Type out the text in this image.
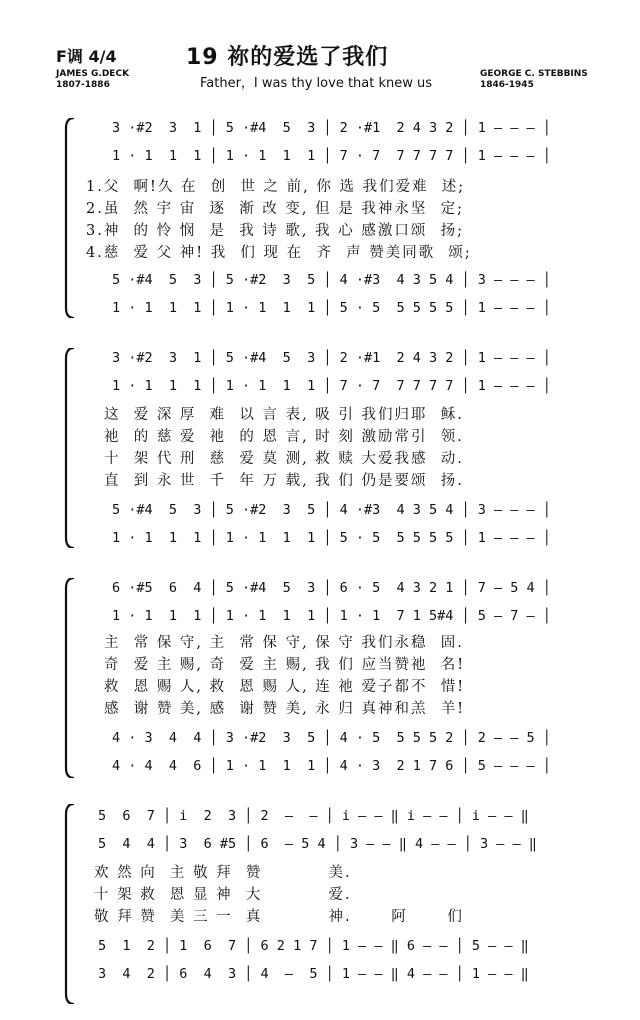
F调 4/4
JAMES G.DECK
1807-1886
19 祢的爱选了我们
Father，I was thy love that knew us
GEORGE C. STEBBINS
1846-1945
3 ·#2  3  1 │ 5 ·#4  5  3 │ 2 ·#1  2 4 3 2 │ 1 — — — │
1 · 1  1  1 │ 1 · 1  1  1 │ 7 · 7  7 7 7 7 │ 1 — — — │
1.父  啊!久 在  创  世 之 前, 你 选 我们爱难  述;
2.虽  然 宇 宙  逐  渐 改 变, 但 是 我神永坚  定;
3.神  的 怜 悯  是  我 诗 歌, 我 心 感激口颂  扬;
4.慈  爱 父 神! 我  们 现 在  齐  声 赞美同歌  颂;
5 ·#4  5  3 │ 5 ·#2  3  5 │ 4 ·#3  4 3 5 4 │ 3 — — — │
1 · 1  1  1 │ 1 · 1  1  1 │ 5 · 5  5 5 5 5 │ 1 — — — │
3 ·#2  3  1 │ 5 ·#4  5  3 │ 2 ·#1  2 4 3 2 │ 1 — — — │
1 · 1  1  1 │ 1 · 1  1  1 │ 7 · 7  7 7 7 7 │ 1 — — — │
这  爱 深 厚  难  以 言 表, 吸 引 我们归耶  稣.
祂  的 慈 爱  祂  的 恩 言, 时 刻 激励常引  领.
十  架 代 刑  慈  爱 莫 测, 救 赎 大爱我感  动.
直  到 永 世  千  年 万 载, 我 们 仍是要颂  扬.
5 ·#4  5  3 │ 5 ·#2  3  5 │ 4 ·#3  4 3 5 4 │ 3 — — — │
1 · 1  1  1 │ 1 · 1  1  1 │ 5 · 5  5 5 5 5 │ 1 — — — │
6 ·#5  6  4 │ 5 ·#4  5  3 │ 6 · 5  4 3 2 1 │ 7 — 5 4 │
1 · 1  1  1 │ 1 · 1  1  1 │ 1 · 1  7 1 5#4 │ 5 — 7 — │
主  常 保 守, 主  常 保 守, 保 守 我们永稳  固.
奇  爱 主 赐, 奇  爱 主 赐, 我 们 应当赞祂  名!
救  恩 赐 人, 救  恩 赐 人, 连 祂 爱子都不  惜!
感  谢 赞 美, 感  谢 赞 美, 永 归 真神和羔  羊!
4 · 3  4  4 │ 3 ·#2  3  5 │ 4 · 5  5 5 5 2 │ 2 — — 5 │
4 · 4  4  6 │ 1 · 1  1  1 │ 4 · 3  2 1 7 6 │ 5 — — — │
5  6  7 │ i  2  3 │ 2  —  — │ i — — ‖ i — — │ i — — ‖
5  4  4 │ 3  6 #5 │ 6  — 5 4 │ 3 — — ‖ 4 — — │ 3 — — ‖
欢 然 向  主 敬 拜  赞          美.
十 架 救  恩 显 神  大          爱.
敬 拜 赞  美 三 一  真          神.      阿      们
5  1  2 │ 1  6  7 │ 6 2 1 7 │ 1 — — ‖ 6 — — │ 5 — — ‖
3  4  2 │ 6  4  3 │ 4  —  5 │ 1 — — ‖ 4 — — │ 1 — — ‖
